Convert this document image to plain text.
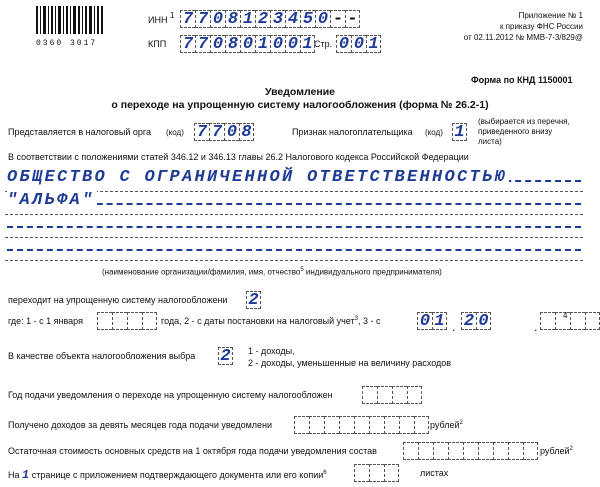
0360 3017
ИНН 1 7 7 0 8 1 2 3 4 5 0 - -
КПП 7 7 0 8 0 1 0 0 1 Стр. 0 0 1
Приложение № 1
к приказу ФНС России
от 02.11.2012 № ММВ-7-3/829@
Форма по КНД 1150001
Уведомление
о переходе на упрощенную систему налогообложения (форма № 26.2-1)
Представляется в налоговый орга (код) 7 7 0 8	Признак налогоплательщика (код) 1
(выбирается из перечня,
приведенного внизу
листа)
В соответствии с положениями статей 346.12 и 346.13 главы 26.2 Налогового кодекса Российской Федерации
ОБЩЕСТВО С ОГРАНИЧЕННОЙ ОТВЕТСТВЕННОСТЬЮ
"АЛЬФА"
(наименование организации/фамилия, имя, отчество$^5$ индивидуального предпринимателя)
переходит на упрощенную систему налогообложени 2
где: 1 - с 1 января	года, 2 - с даты постановки на налоговый учет$^3$, 3 - с 0 1 . 2 0	.
4
В качестве объекта налогообложения выбра 2 1 - доходы,
2 - доходы, уменьшенные на величину расходов
Год подачи уведомления о переходе на упрощенную систему налогообложен
Получено доходов за девять месяцев года подачи уведомлени	рублей$^2$
Остаточная стоимость основных средств на 1 октября года подачи уведомления состав	рублей$^2$
На 1 странице с приложением подтверждающего документа или его копии$^6$	листах
